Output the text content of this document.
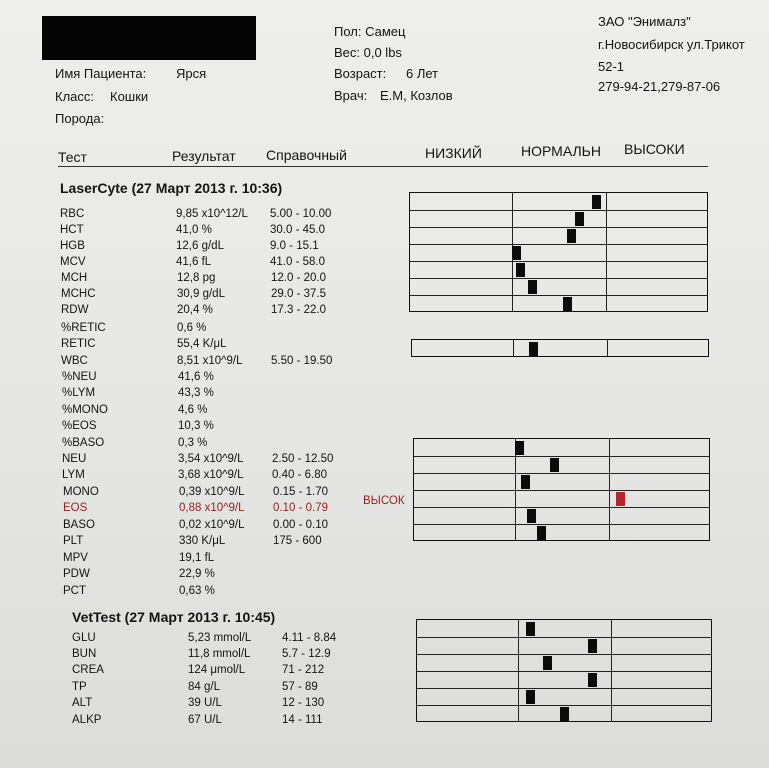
Имя Пациента: Ярся
Класс: Кошки
Порода:
Пол: Самец
Вес: 0,0 lbs
Возраст: 6 Лет
Врач: Е.М, Козлов
ЗАО "Энималз"
г.Новосибирск ул.Трикот
52-1
279-94-21,279-87-06
Тест	Результат Справочный	НИЗКИЙ	НОРМАЛЬН ВЫСОКИ
LaserCyte (27 Март 2013 г. 10:36)
VetTest (27 Март 2013 г. 10:45)
RBC	9,85 x10^12/L 5.00 - 10.00
HCT	41,0 %	30.0 - 45.0
HGB	12,6 g/dL	9.0 - 15.1
MCV	41,6 fL	41.0 - 58.0
MCH	12,8 pg	12.0 - 20.0
MCHC	30,9 g/dL	29.0 - 37.5
RDW	20,4 %	17.3 - 22.0
%RETIC	0,6 %
RETIC	55,4 K/μL
WBC	8,51 x10^9/L 5.50 - 19.50
%NEU	41,6 %
%LYM	43,3 %
%MONO	4,6 %
%EOS	10,3 %
%BASO	0,3 %
NEU	3,54 x10^9/L 2.50 - 12.50
LYM	3,68 x10^9/L 0.40 - 6.80
MONO	0,39 x10^9/L 0.15 - 1.70
EOS	0,88 x10^9/L 0.10 - 0.79
ВЫСОК
BASO	0,02 x10^9/L 0.00 - 0.10
PLT	330 K/μL	175 - 600
MPV	19,1 fL
PDW	22,9 %
PCT	0,63 %
GLU	5,23 mmol/L	4.11 - 8.84
BUN	11,8 mmol/L	5.7 - 12.9
CREA	124 μmol/L	71 - 212
TP	84 g/L	57 - 89
ALT	39 U/L	12 - 130
ALKP	67 U/L	14 - 111
